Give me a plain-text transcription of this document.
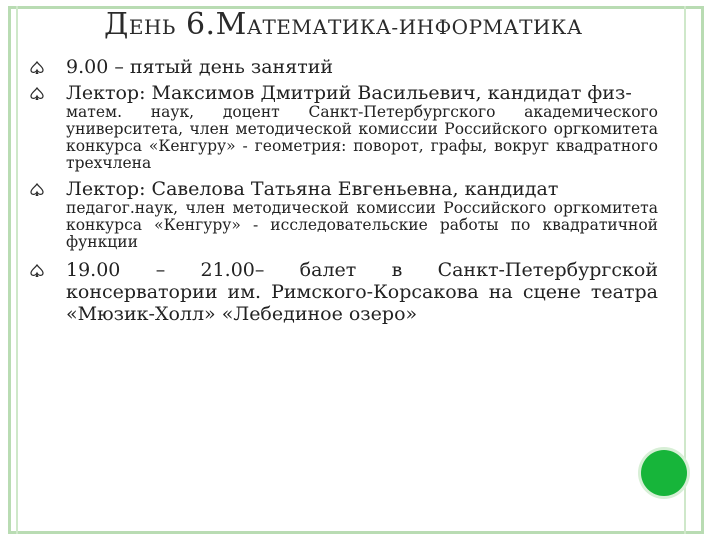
ДЕНЬ 6.МАТЕМАТИКА-ИНФОРМАТИКА
9.00 – пятый день занятий
Лектор: Максимов Дмитрий Васильевич, кандидат физ-
матем. наук, доцент Санкт-Петербургского академического университета, член методической комиссии Российского оргкомитета конкурса «Кенгуру» - геометрия: поворот, графы, вокруг квадратного трехчлена
Лектор: Савелова Татьяна Евгеньевна, кандидат
педагог.наук, член методической комиссии Российского оргкомитета конкурса «Кенгуру» - исследовательские работы по квадратичной функции
19.00 – 21.00– балет в Санкт-Петербургской консерватории им. Римского-Корсакова на сцене театра «Мюзик-Холл» «Лебединое озеро»
